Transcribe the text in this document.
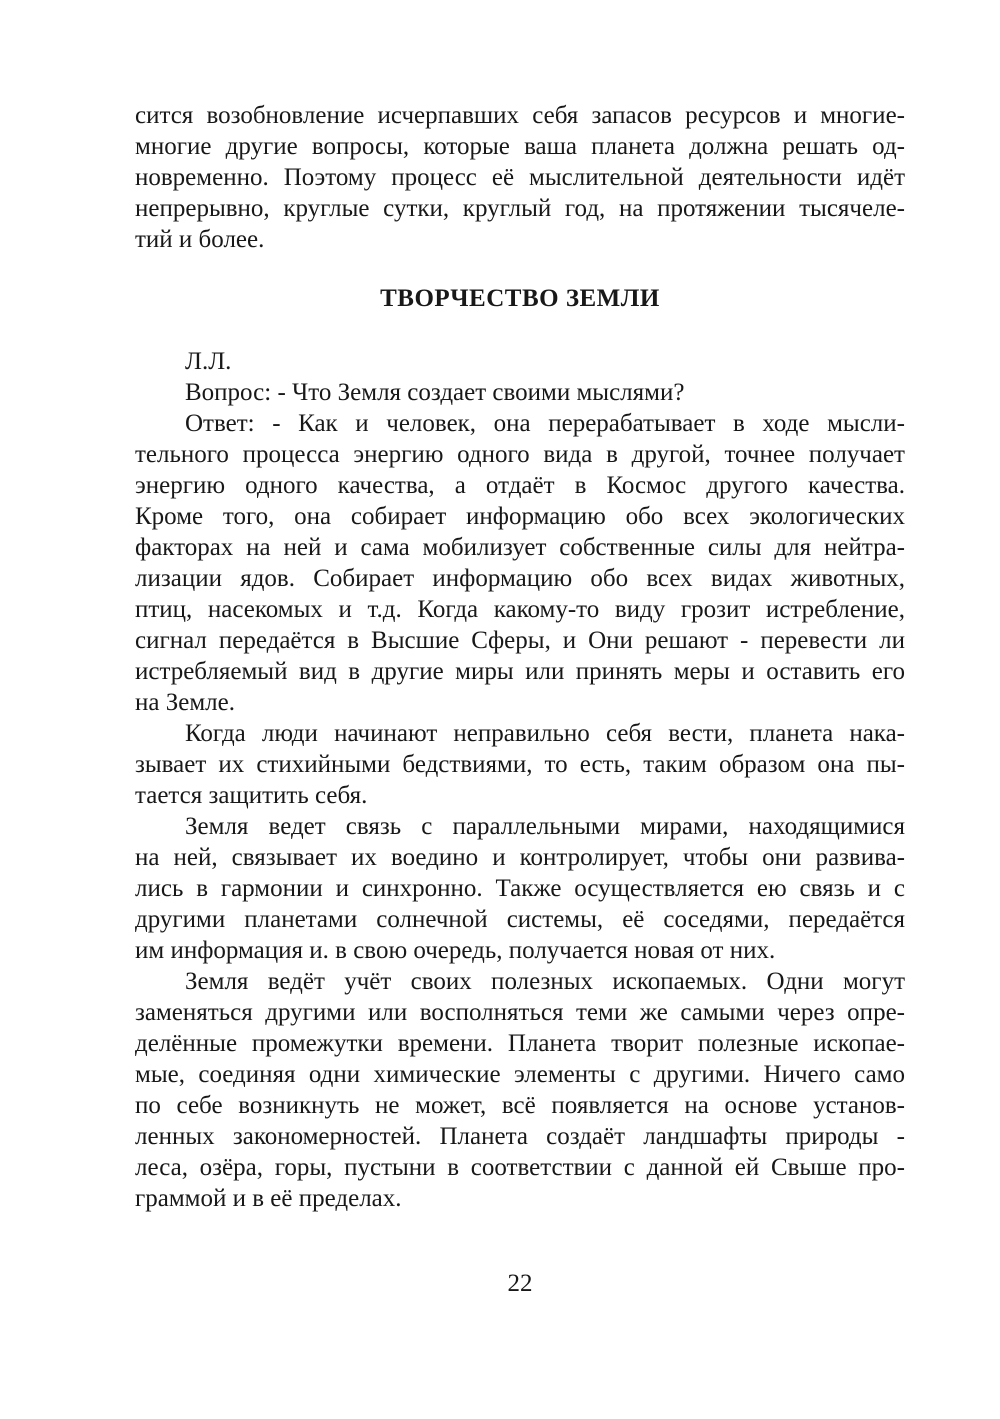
сится возобновление исчерпавших себя запасов ресурсов и многие-
многие другие вопросы, которые ваша планета должна решать од-
новременно. Поэтому процесс её мыслительной деятельности идёт
непрерывно, круглые сутки, круглый год, на протяжении тысячеле-
тий и более.
ТВОРЧЕСТВО ЗЕМЛИ
Л.Л.
Вопрос: - Что Земля создает своими мыслями?
Ответ: - Как и человек, она перерабатывает в ходе мысли-
тельного процесса энергию одного вида в другой, точнее получает
энергию одного качества, а отдаёт в Космос другого качества.
Кроме того, она собирает информацию обо всех экологических
факторах на ней и сама мобилизует собственные силы для нейтра-
лизации ядов. Собирает информацию обо всех видах животных,
птиц, насекомых и т.д. Когда какому-то виду грозит истребление,
сигнал передаётся в Высшие Сферы, и Они решают - перевести ли
истребляемый вид в другие миры или принять меры и оставить его
на Земле.
Когда люди начинают неправильно себя вести, планета нака-
зывает их стихийными бедствиями, то есть, таким образом она пы-
тается защитить себя.
Земля ведет связь с параллельными мирами, находящимися
на ней, связывает их воедино и контролирует, чтобы они развива-
лись в гармонии и синхронно. Также осуществляется ею связь и с
другими планетами солнечной системы, её соседями, передаётся
им информация и. в свою очередь, получается новая от них.
Земля ведёт учёт своих полезных ископаемых. Одни могут
заменяться другими или восполняться теми же самыми через опре-
делённые промежутки времени. Планета творит полезные ископае-
мые, соединяя одни химические элементы с другими. Ничего само
по себе возникнуть не может, всё появляется на основе установ-
ленных закономерностей. Планета создаёт ландшафты природы -
леса, озёра, горы, пустыни в соответствии с данной ей Свыше про-
граммой и в её пределах.
22
